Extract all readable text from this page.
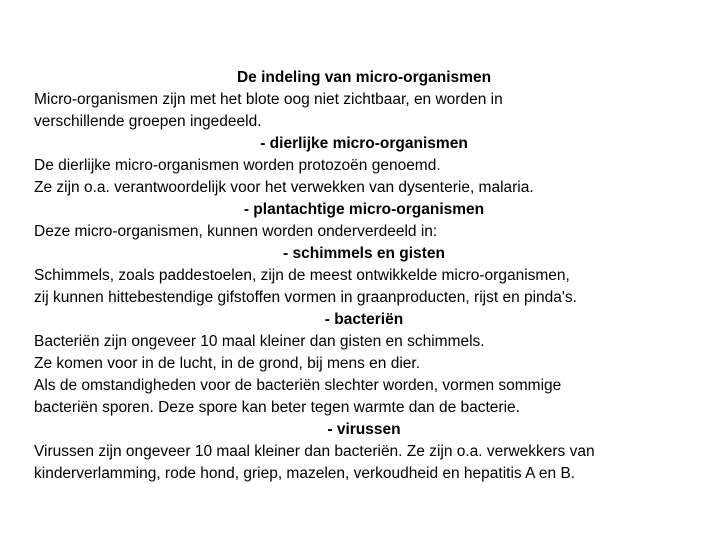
De indeling van micro‑organismen
Micro‑organismen zijn met het blote oog niet zichtbaar, en worden in
verschillende groepen ingedeeld.
‑ dierlijke micro‑organismen
De dierlijke micro‑organismen worden protozoën genoemd.
Ze zijn o.a. verantwoordelijk voor het verwekken van dysenterie, malaria.
‑ plantachtige micro‑organismen
Deze micro‑organismen, kunnen worden onderverdeeld in:
‑ schimmels en gisten
Schimmels, zoals paddestoelen, zijn de meest ontwikkelde micro‑organismen,
zij kunnen hittebestendige gifstoffen vormen in graanproducten, rijst en pinda's.
- bacteriën
Bacteriën zijn ongeveer 10 maal kleiner dan gisten en schimmels.
Ze komen voor in de lucht, in de grond, bij mens en dier.
Als de omstandigheden voor de bacteriën slechter worden, vormen sommige
bacteriën sporen. Deze spore kan beter tegen warmte dan de bacterie.
‑ virussen
Virussen zijn ongeveer 10 maal kleiner dan bacteriën. Ze zijn o.a. verwekkers van
kinderverlamming, rode hond, griep, mazelen, verkoudheid en hepatitis A en B.
